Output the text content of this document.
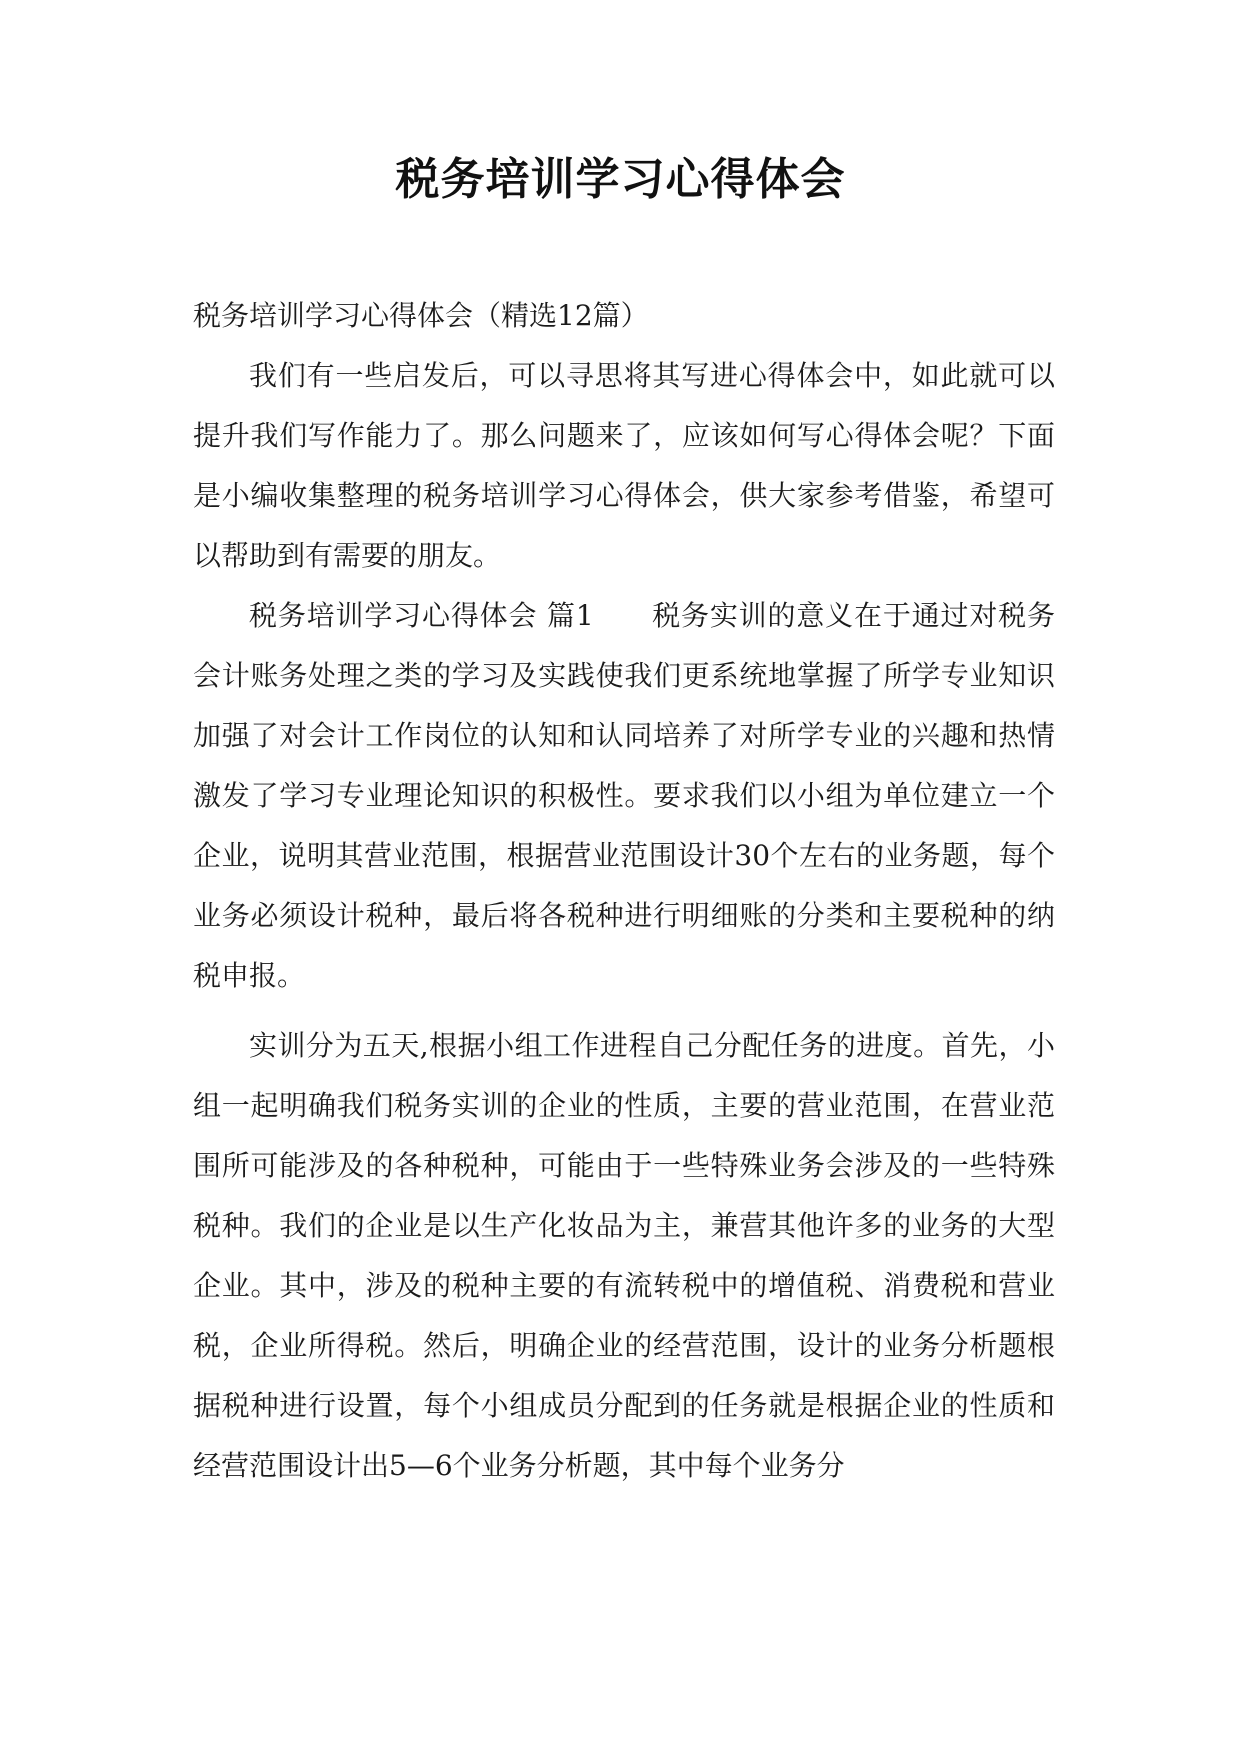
税务培训学习心得体会

税务培训学习心得体会（精选12篇）

我们有一些启发后，可以寻思将其写进心得体会中，如此就可以提升我们写作能力了。那么问题来了，应该如何写心得体会呢？下面是小编收集整理的税务培训学习心得体会，供大家参考借鉴，希望可以帮助到有需要的朋友。

税务培训学习心得体会 篇1　　税务实训的意义在于通过对税务会计账务处理之类的学习及实践使我们更系统地掌握了所学专业知识加强了对会计工作岗位的认知和认同培养了对所学专业的兴趣和热情激发了学习专业理论知识的积极性。要求我们以小组为单位建立一个企业，说明其营业范围，根据营业范围设计30个左右的业务题，每个业务必须设计税种，最后将各税种进行明细账的分类和主要税种的纳税申报。

实训分为五天,根据小组工作进程自己分配任务的进度。首先，小组一起明确我们税务实训的企业的性质，主要的营业范围，在营业范围所可能涉及的各种税种，可能由于一些特殊业务会涉及的一些特殊税种。我们的企业是以生产化妆品为主，兼营其他许多的业务的大型企业。其中，涉及的税种主要的有流转税中的增值税、消费税和营业税，企业所得税。然后，明确企业的经营范围，设计的业务分析题根据税种进行设置，每个小组成员分配到的任务就是根据企业的性质和经营范围设计出5—6个业务分析题，其中每个业务分
